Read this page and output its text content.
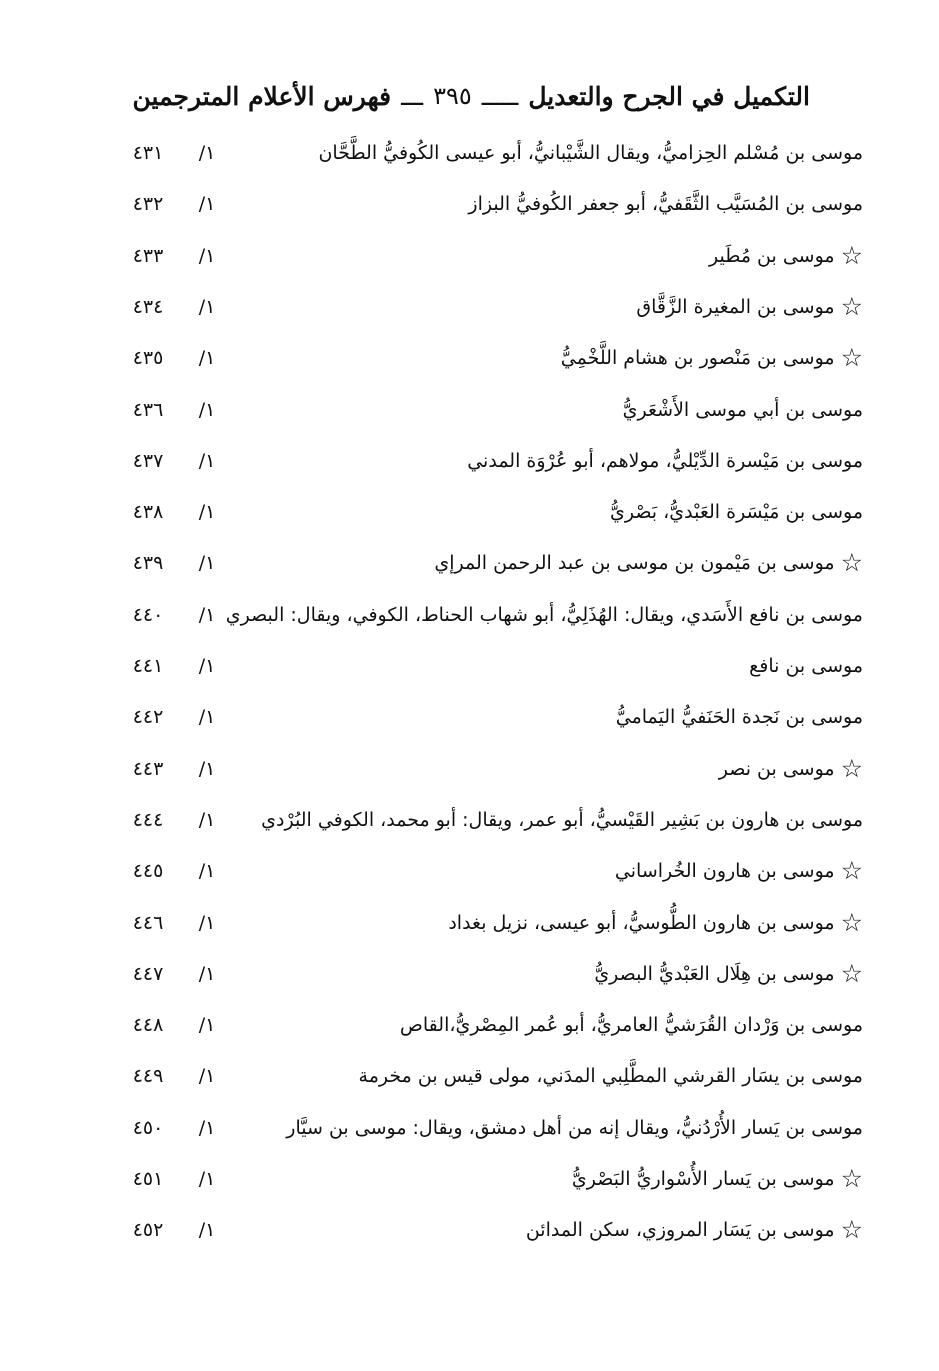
التكميل في الجرح والتعديل
ـــــ
٣٩٥
ـــ
فهرس الأعلام المترجمين
موسى بن مُسْلم الحِزاميُّ، ويقال الشَّيْبانيُّ، أبو عيسى الكُوفيُّ الطَّحَّان
١/
٤٣١
موسى بن المُسَيَّب الثَّقَفيُّ، أبو جعفر الكُوفيُّ البزاز
١/
٤٣٢
☆موسى بن مُطَير
١/
٤٣٣
☆موسى بن المغيرة الزَّقَّاق
١/
٤٣٤
☆موسى بن مَنْصور بن هشام اللَّخْمِيُّ
١/
٤٣٥
موسى بن أبي موسى الأَشْعَريُّ
١/
٤٣٦
موسى بن مَيْسرة الدِّيْليُّ، مولاهم، أبو عُرْوَة المدني
١/
٤٣٧
موسى بن مَيْسَرة العَبْديُّ، بَصْريُّ
١/
٤٣٨
☆موسى بن مَيْمون بن موسى بن عبد الرحمن المرإي
١/
٤٣٩
موسى بن نافع الأَسَدي، ويقال: الهُذَلِيُّ، أبو شهاب الحناط، الكوفي، ويقال: البصري
١/
٤٤٠
موسى بن نافع
١/
٤٤١
موسى بن نَجدة الحَنَفيُّ اليَماميُّ
١/
٤٤٢
☆موسى بن نصر
١/
٤٤٣
موسى بن هارون بن بَشِير القَيْسيُّ، أبو عمر، ويقال: أبو محمد، الكوفي البُرْدي
١/
٤٤٤
☆موسى بن هارون الخُراساني
١/
٤٤٥
☆موسى بن هارون الطُّوسيُّ، أبو عيسى، نزيل بغداد
١/
٤٤٦
☆موسى بن هِلَال العَبْديُّ البصريُّ
١/
٤٤٧
موسى بن وَرْدان القُرَشيُّ العامريُّ، أبو عُمر المِصْريُّ،القاص
١/
٤٤٨
موسى بن يسَار القرشي المطَّلِبي المدَني، مولى قيس بن مخرمة
١/
٤٤٩
موسى بن يَسار الأُرْدُنيُّ، ويقال إنه من أهل دمشق، ويقال: موسى بن سيَّار
١/
٤٥٠
☆موسى بن يَسار الأُسْواريُّ البَصْريُّ
١/
٤٥١
☆موسى بن يَسَار المروزي، سكن المدائن
١/
٤٥٢
